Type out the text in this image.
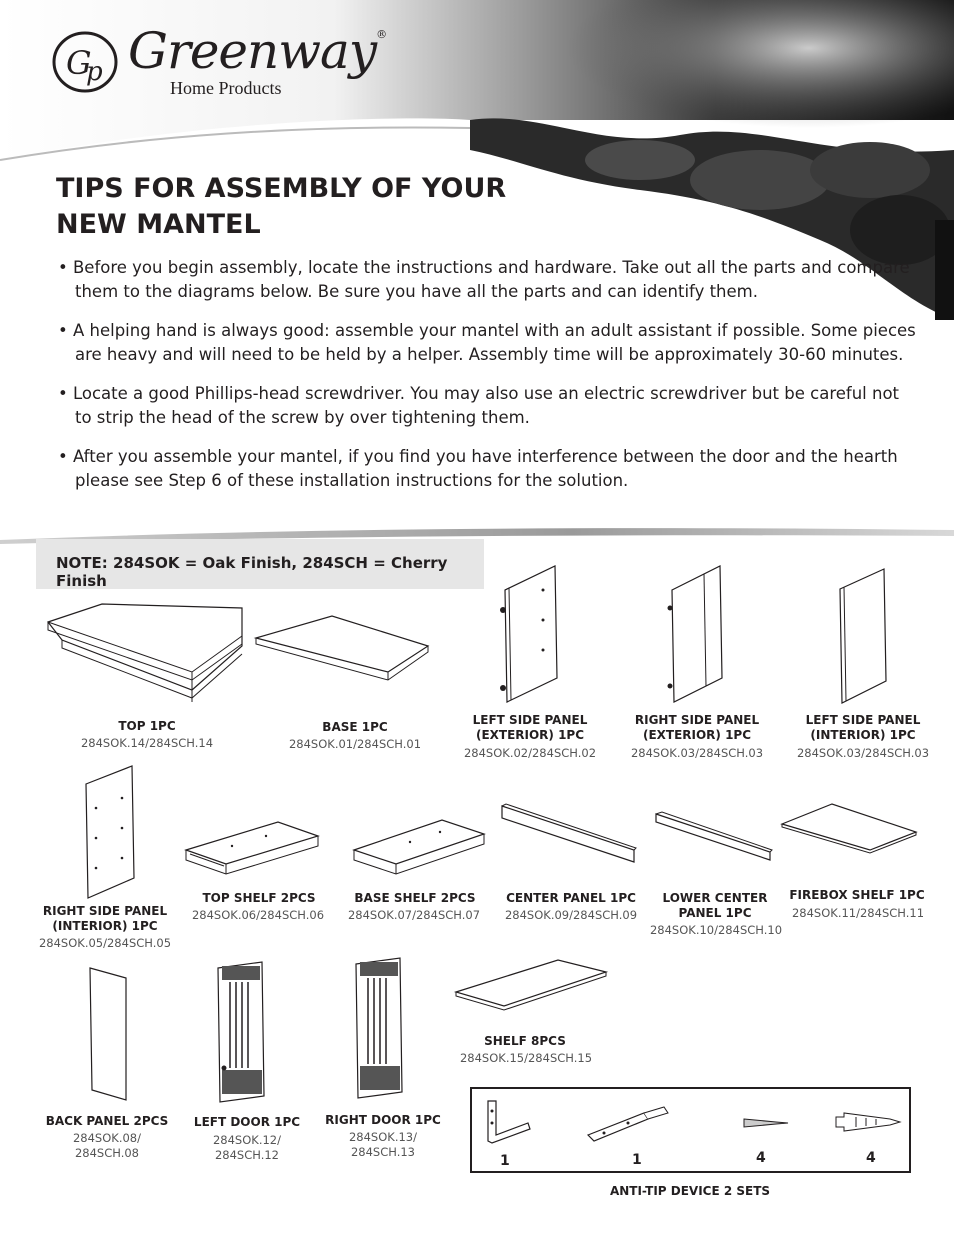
G
p Greenway®
Home Products
TIPS FOR ASSEMBLY OF YOUR
NEW MANTEL

• Before you begin assembly, locate the instructions and hardware. Take out all the parts and compare them to the diagrams below. Be sure you have all the parts and can identify them.

• A helping hand is always good: assemble your mantel with an adult assistant if possible. Some pieces are heavy and will need to be held by a helper. Assembly time will be approximately 30-60 minutes.

• Locate a good Phillips-head screwdriver. You may also use an electric screwdriver but be careful not to strip the head of the screw by over tightening them.

• After you assemble your mantel, if you find you have interference between the door and the hearth please see Step 6 of these installation instructions for the solution.

NOTE: 284SOK = Oak Finish, 284SCH = Cherry Finish
TOP 1PC
284SOK.14/284SCH.14
BASE 1PC
284SOK.01/284SCH.01
LEFT SIDE PANEL
(EXTERIOR) 1PC
284SOK.02/284SCH.02
RIGHT SIDE PANEL
(EXTERIOR) 1PC
284SOK.03/284SCH.03
LEFT SIDE PANEL
(INTERIOR) 1PC
284SOK.03/284SCH.03
RIGHT SIDE PANEL
(INTERIOR) 1PC
284SOK.05/284SCH.05
TOP SHELF 2PCS
284SOK.06/284SCH.06
BASE SHELF 2PCS
284SOK.07/284SCH.07
CENTER PANEL 1PC
284SOK.09/284SCH.09
LOWER CENTER
PANEL 1PC
284SOK.10/284SCH.10
FIREBOX SHELF 1PC
284SOK.11/284SCH.11
BACK PANEL 2PCS
284SOK.08/
284SCH.08
LEFT DOOR 1PC
284SOK.12/
284SCH.12
RIGHT DOOR 1PC
284SOK.13/
284SCH.13
SHELF 8PCS
284SOK.15/284SCH.15
1	1	4	4
ANTI-TIP DEVICE 2 SETS
